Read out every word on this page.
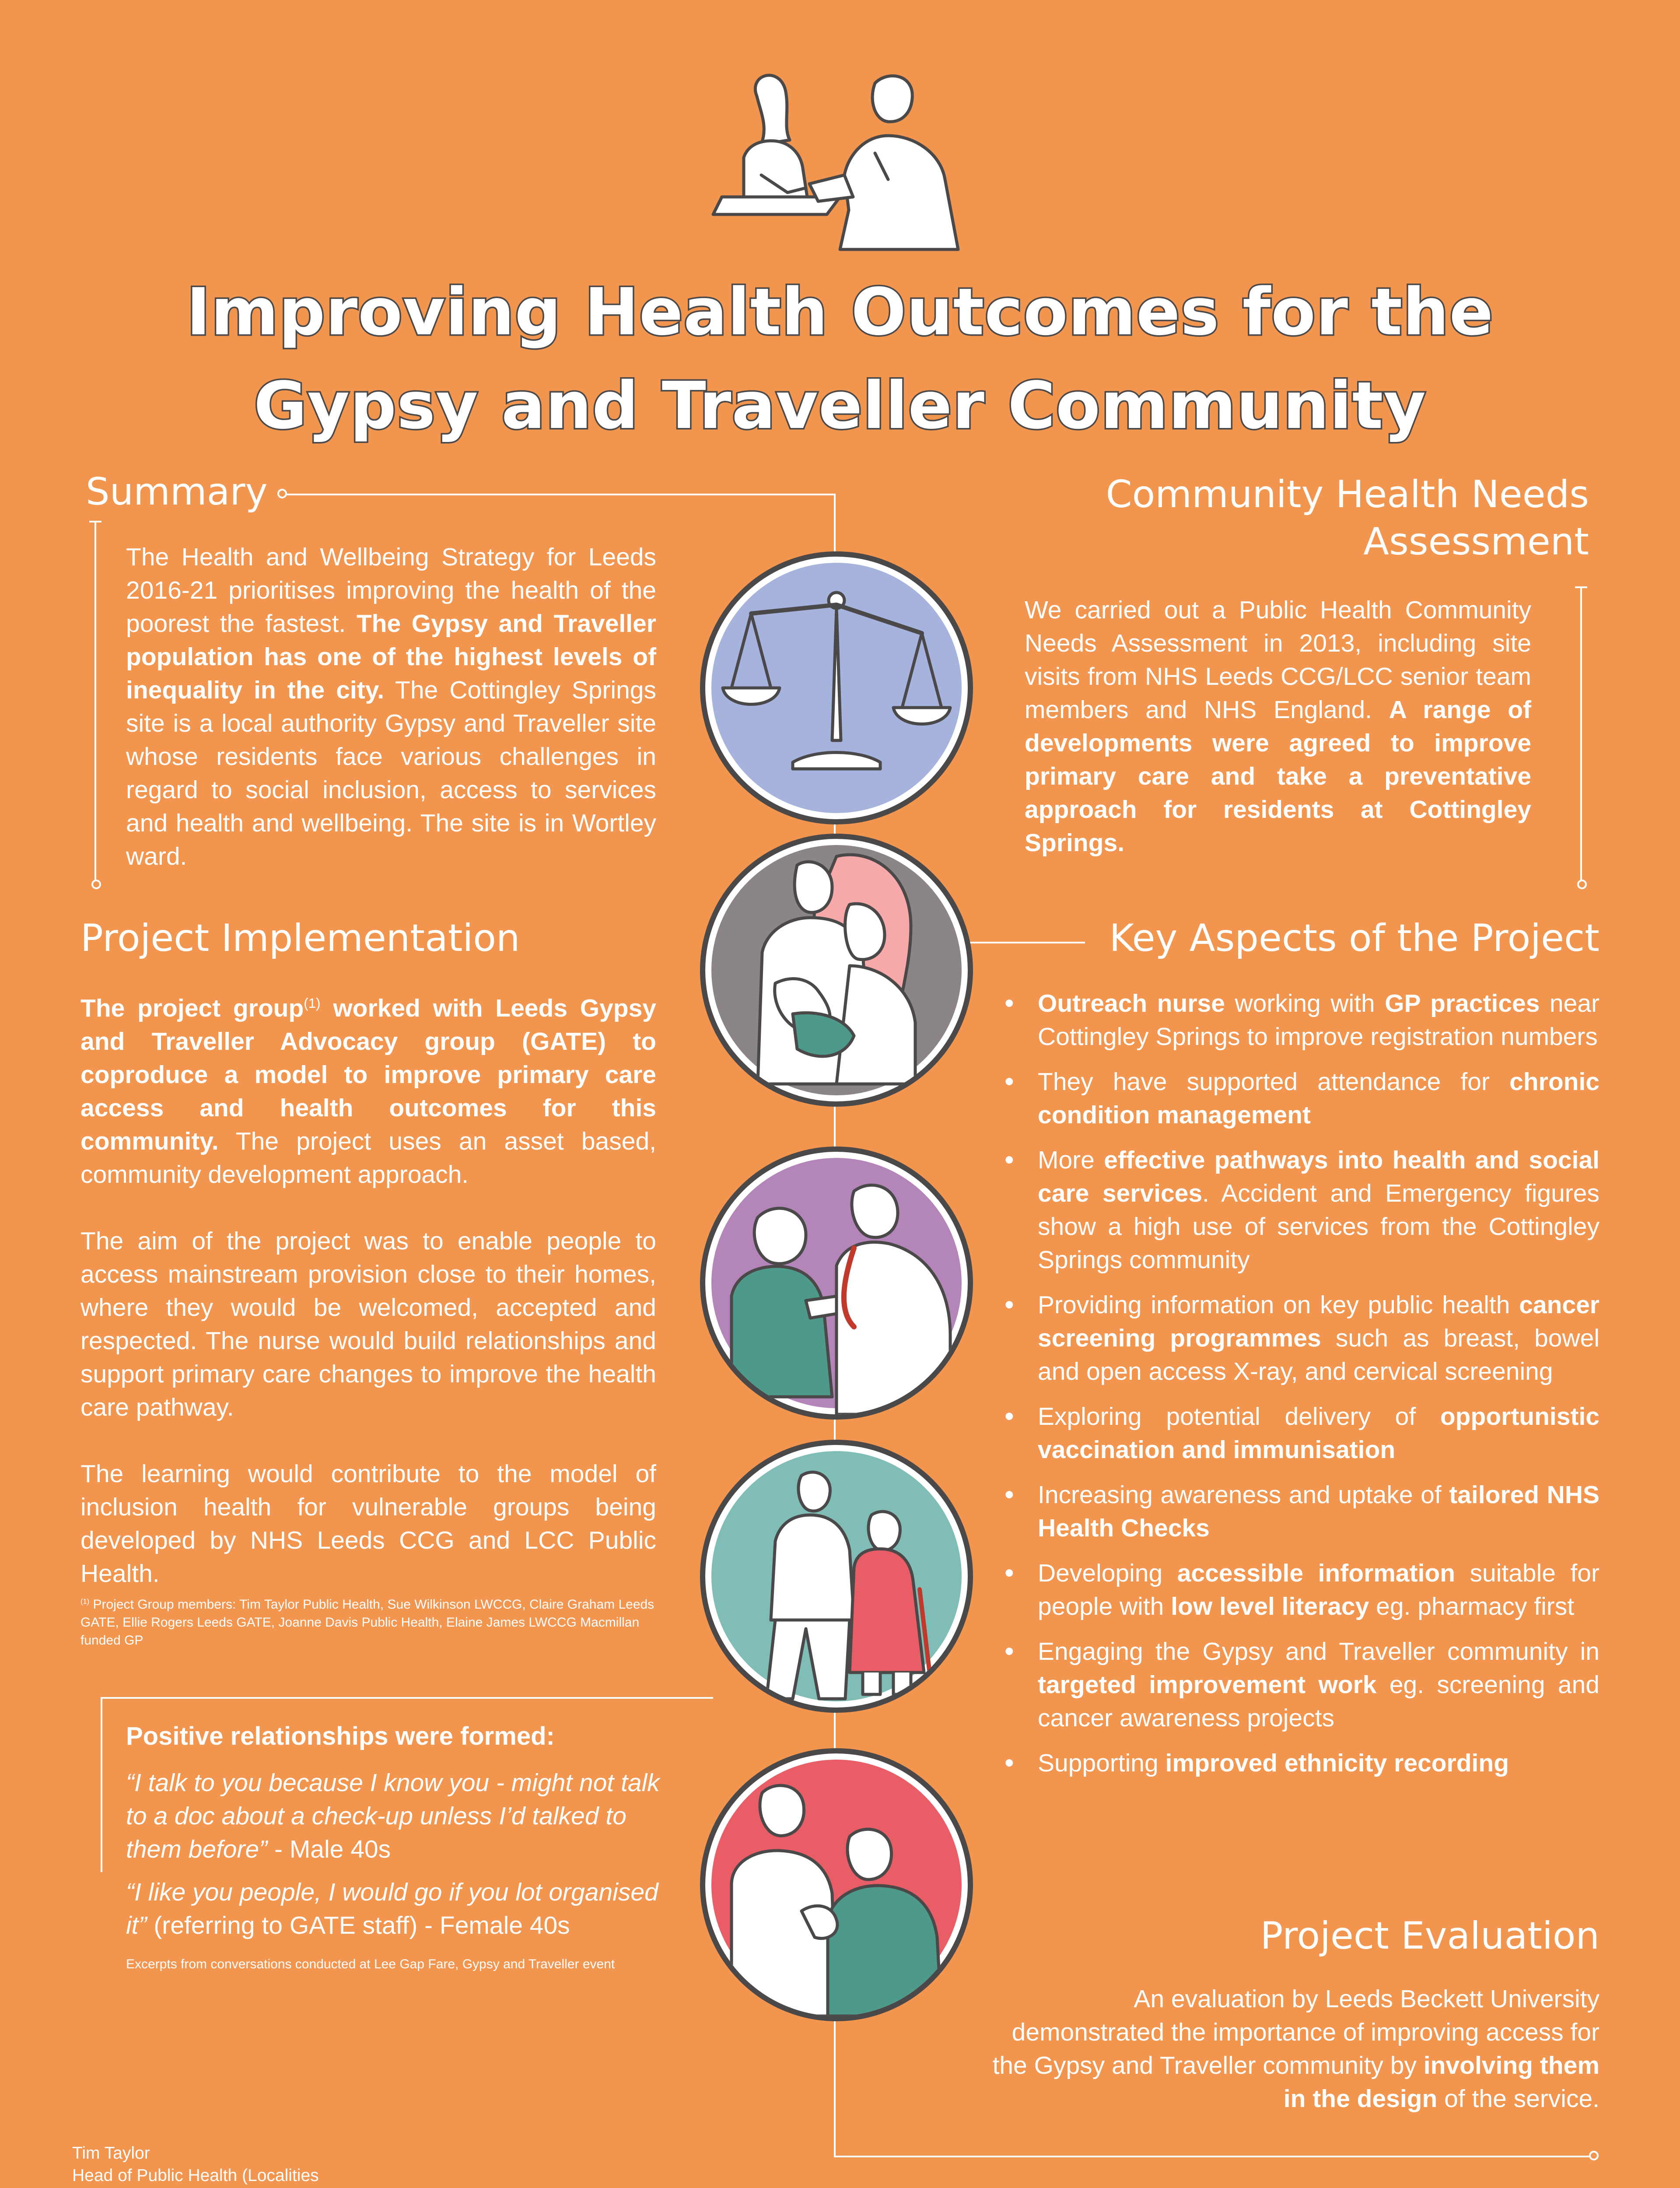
Improving Health Outcomes for the
Gypsy and Traveller Community
Summary
The Health and Wellbeing Strategy for Leeds 2016-21 prioritises improving the health of the poorest the fastest. The Gypsy and Traveller population has one of the highest levels of inequality in the city. The Cottingley Springs site is a local authority Gypsy and Traveller site whose residents face various challenges in regard to social inclusion, access to services and health and wellbeing. The site is in Wortley ward.
Community Health Needs
Assessment
We carried out a Public Health Community Needs Assessment in 2013, including site visits from NHS Leeds CCG/LCC senior team members and NHS England. A range of developments were agreed to improve primary care and take a preventative approach for residents at Cottingley Springs.
Project Implementation

The project group$^{(1)}$ worked with Leeds Gypsy and Traveller Advocacy group (GATE) to coproduce a model to improve primary care access and health outcomes for this community. The project uses an asset based, community development approach.

The aim of the project was to enable people to access mainstream provision close to their homes, where they would be welcomed, accepted and respected. The nurse would build relationships and support primary care changes to improve the health care pathway.

The learning would contribute to the model of inclusion health for vulnerable groups being developed by NHS Leeds CCG and LCC Public Health.

$^{(1)}$ Project Group members: Tim Taylor Public Health, Sue Wilkinson LWCCG, Claire Graham Leeds GATE, Ellie Rogers Leeds GATE, Joanne Davis Public Health, Elaine James LWCCG Macmillan funded GP
Key Aspects of the Project
• Outreach nurse working with GP practices near Cottingley Springs to improve registration numbers
• They have supported attendance for chronic condition management
• More effective pathways into health and social care services. Accident and Emergency figures show a high use of services from the Cottingley Springs community
• Providing information on key public health cancer screening programmes such as breast, bowel and open access X-ray, and cervical screening
• Exploring potential delivery of opportunistic vaccination and immunisation
• Increasing awareness and uptake of tailored NHS Health Checks
• Developing accessible information suitable for people with low level literacy eg. pharmacy first
• Engaging the Gypsy and Traveller community in targeted improvement work eg. screening and cancer awareness projects
• Supporting improved ethnicity recording
Positive relationships were formed:
“I talk to you because I know you - might not talk to a doc about a check-up unless I’d talked to them before” - Male 40s
“I like you people, I would go if you lot organised it” (referring to GATE staff) - Female 40s
Excerpts from conversations conducted at Lee Gap Fare, Gypsy and Traveller event
Project Evaluation
An evaluation by Leeds Beckett University demonstrated the importance of improving access for the Gypsy and Traveller community by involving them in the design of the service.
Tim Taylor
Head of Public Health (Localities
